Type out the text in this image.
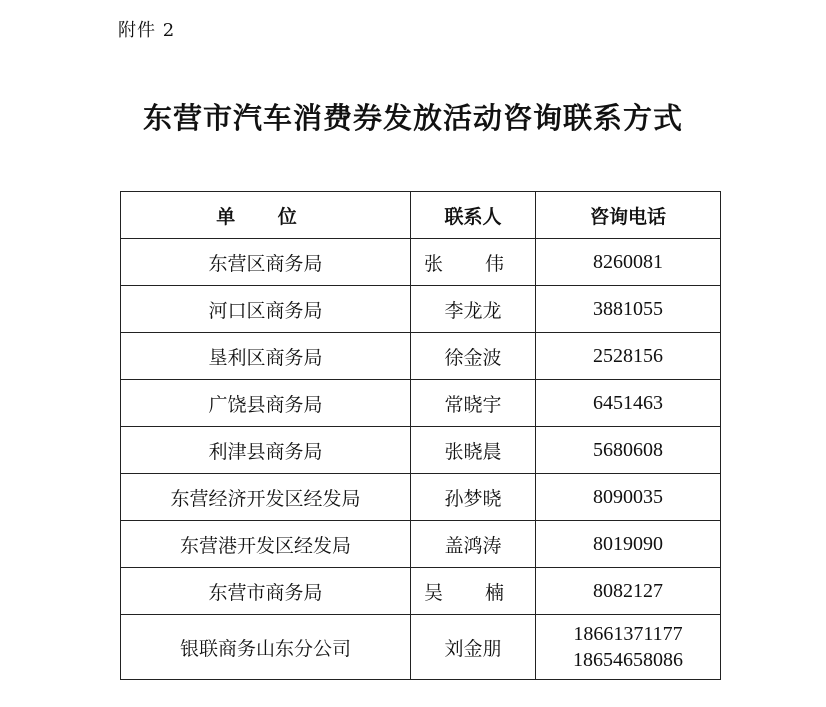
附件 2
东营市汽车消费券发放活动咨询联系方式
单 位	联系人	咨询电话
东营区商务局	张 伟	8260081
河口区商务局	李龙龙	3881055
垦利区商务局	徐金波	2528156
广饶县商务局	常晓宇	6451463
利津县商务局	张晓晨	5680608
东营经济开发区经发局	孙梦晓	8090035
东营港开发区经发局	盖鸿涛	8019090
东营市商务局	吴 楠	8082127
银联商务山东分公司	刘金朋	18661371177
18654658086
